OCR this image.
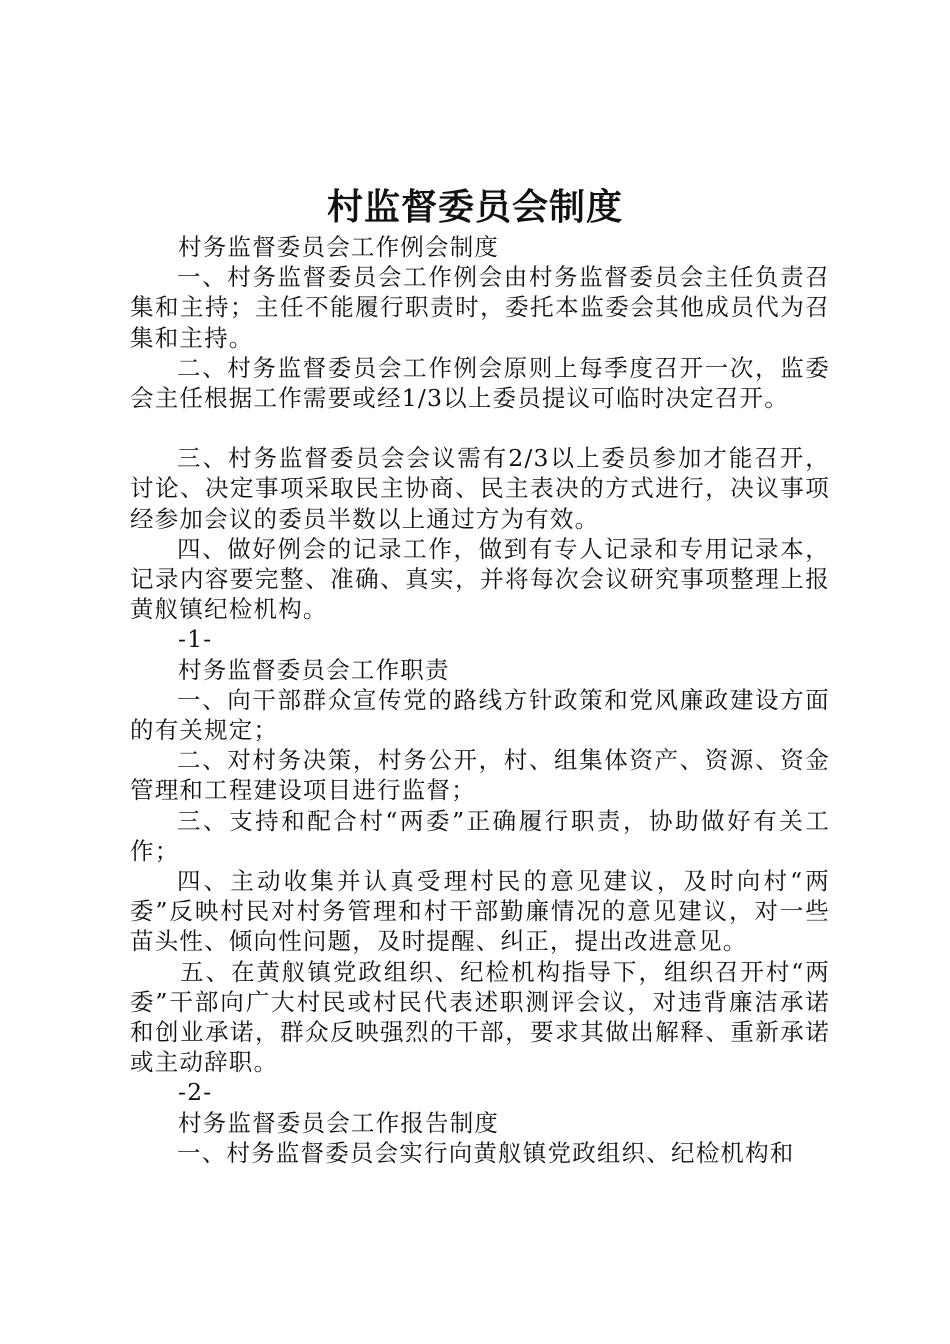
村监督委员会制度

村务监督委员会工作例会制度

一、村务监督委员会工作例会由村务监督委员会主任负责召集和主持；主任不能履行职责时，委托本监委会其他成员代为召集和主持。

二、村务监督委员会工作例会原则上每季度召开一次，监委会主任根据工作需要或经1/3以上委员提议可临时决定召开。

三、村务监督委员会会议需有2/3以上委员参加才能召开，讨论、决定事项采取民主协商、民主表决的方式进行，决议事项经参加会议的委员半数以上通过方为有效。

四、做好例会的记录工作，做到有专人记录和专用记录本，记录内容要完整、准确、真实，并将每次会议研究事项整理上报黄舣镇纪检机构。

-1-

村务监督委员会工作职责

一、向干部群众宣传党的路线方针政策和党风廉政建设方面的有关规定；

二、对村务决策，村务公开，村、组集体资产、资源、资金管理和工程建设项目进行监督；

三、支持和配合村“两委”正确履行职责，协助做好有关工作；

四、主动收集并认真受理村民的意见建议，及时向村“两委”反映村民对村务管理和村干部勤廉情况的意见建议，对一些苗头性、倾向性问题，及时提醒、纠正，提出改进意见。

五、在黄舣镇党政组织、纪检机构指导下，组织召开村“两委”干部向广大村民或村民代表述职测评会议，对违背廉洁承诺和创业承诺，群众反映强烈的干部，要求其做出解释、重新承诺或主动辞职。

-2-

村务监督委员会工作报告制度

一、村务监督委员会实行向黄舣镇党政组织、纪检机构和
